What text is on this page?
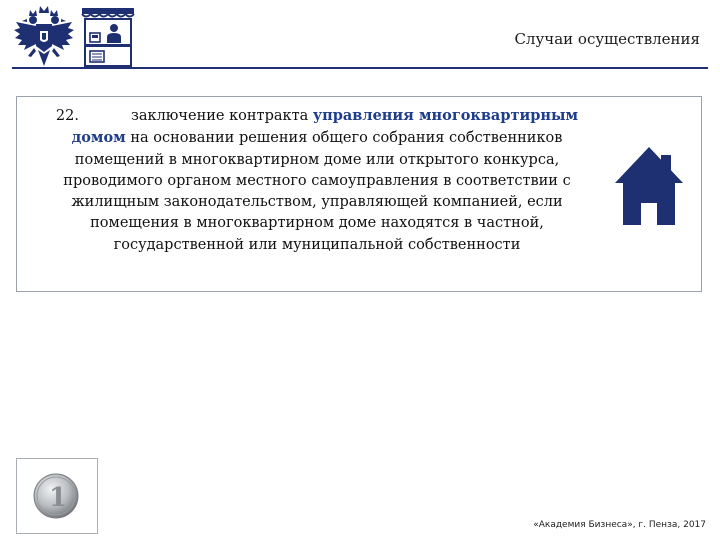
Случаи осуществления
22.	заключение контракта управления многоквартирным домом на основании решения общего собрания собственников помещений в многоквартирном доме или открытого конкурса, проводимого органом местного самоуправления в соответствии с жилищным законодательством, управляющей компанией, если помещения в многоквартирном доме находятся в частной, государственной или муниципальной собственности
1
«Академия Бизнеса», г. Пенза, 2017
